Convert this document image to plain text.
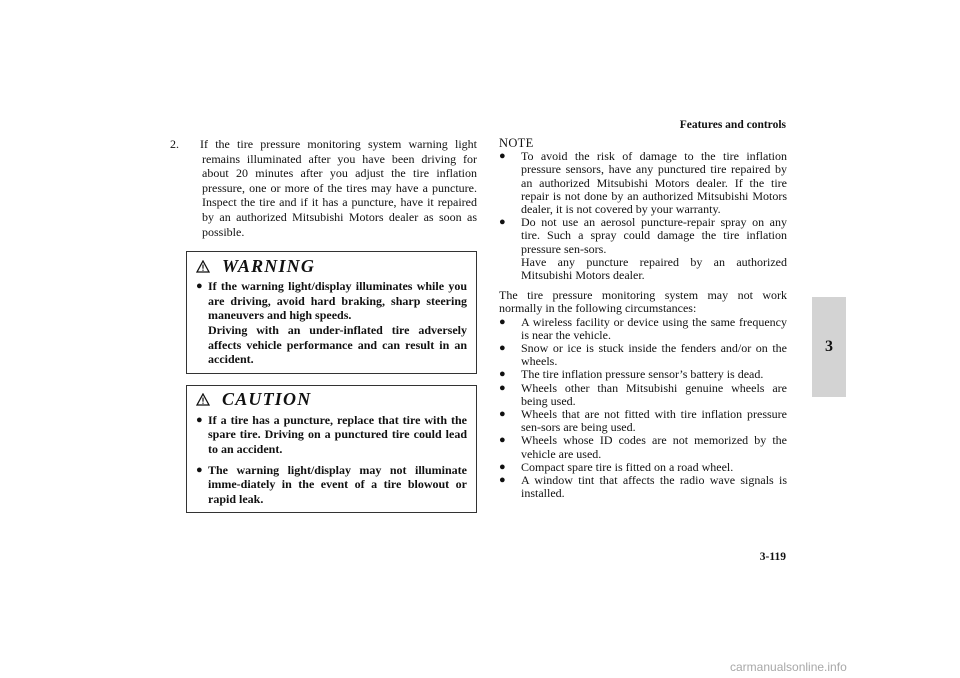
Features and controls
3
2. If the tire pressure monitoring system warning light remains illuminated after you have been driving for about 20 minutes after you adjust the tire inflation pressure, one or more of the tires may have a puncture. Inspect the tire and if it has a puncture, have it repaired by an authorized Mitsubishi Motors dealer as soon as possible.
WARNING
● If the warning light/display illuminates while you are driving, avoid hard braking, sharp steering maneuvers and high speeds.

Driving with an under-inflated tire adversely affects vehicle performance and can result in an accident.

CAUTION
● If a tire has a puncture, replace that tire with the spare tire. Driving on a punctured tire could lead to an accident.
● The warning light/display may not illuminate imme-diately in the event of a tire blowout or rapid leak.
NOTE
●	To avoid the risk of damage to the tire inflation pressure sensors, have any punctured tire repaired by an authorized Mitsubishi Motors dealer. If the tire repair is not done by an authorized Mitsubishi Motors dealer, it is not covered by your warranty.

●	Do not use an aerosol puncture-repair spray on any tire. Such a spray could damage the tire inflation pressure sen-sors.

Have any puncture repaired by an authorized Mitsubishi Motors dealer.

The tire pressure monitoring system may not work normally in the following circumstances:
●	A wireless facility or device using the same frequency is near the vehicle.
●	Snow or ice is stuck inside the fenders and/or on the wheels.
●	The tire inflation pressure sensor’s battery is dead.
●	Wheels other than Mitsubishi genuine wheels are being used.
●	Wheels that are not fitted with tire inflation pressure sen-sors are being used.
●	Wheels whose ID codes are not memorized by the vehicle are used.
●	Compact spare tire is fitted on a road wheel.
●	A window tint that affects the radio wave signals is installed.
3-119
carmanualsonline.info
